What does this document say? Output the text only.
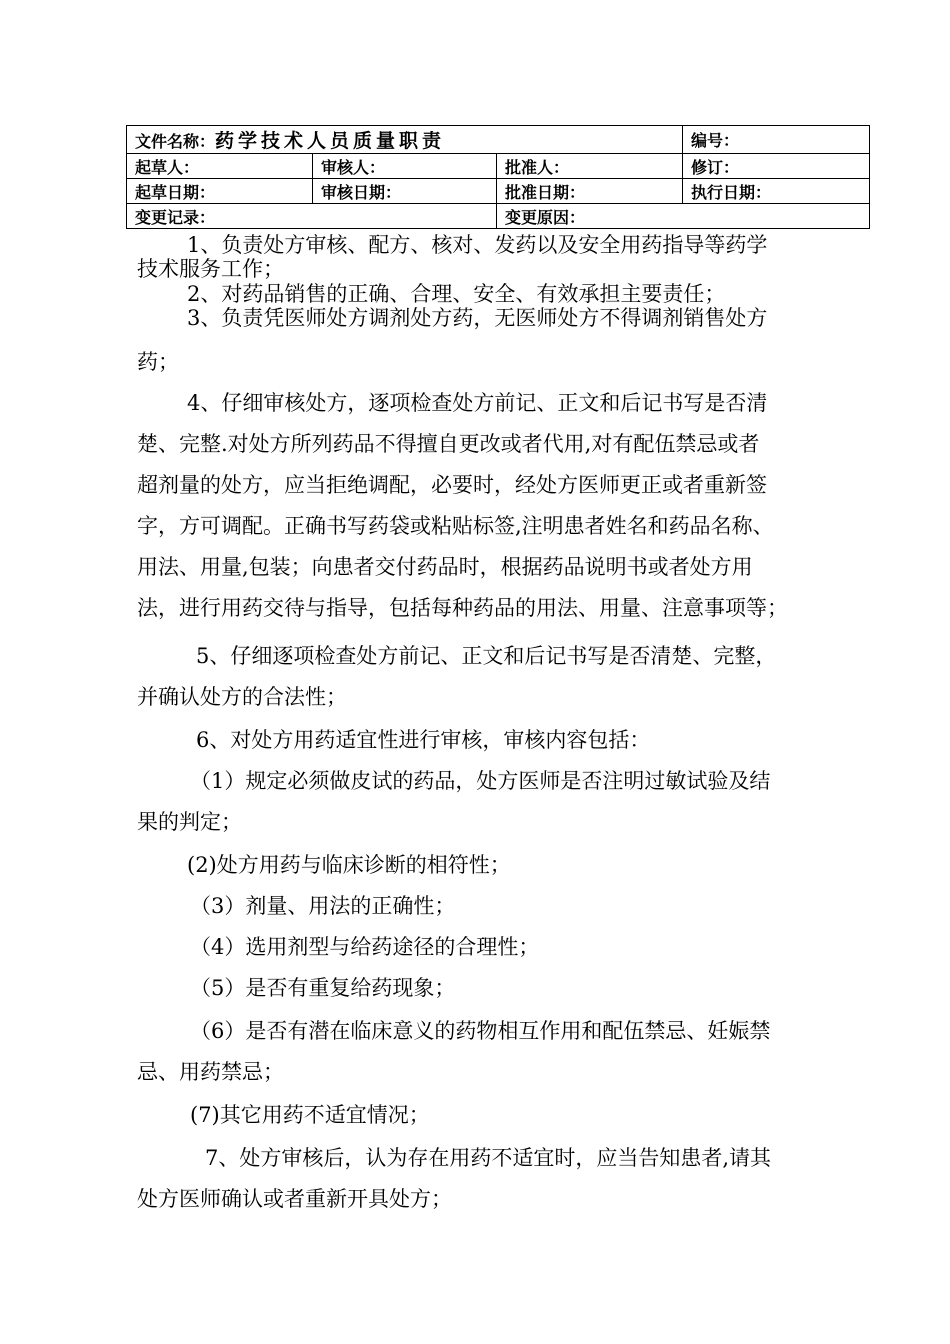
文件名称：药学技术人员质量职责			编号：
起草人：	审核人：	批准人：	修订：
起草日期：	审核日期：	批准日期：	执行日期：
变更记录：		变更原因：	
1、负责处方审核、配方、核对、发药以及安全用药指导等药学
技术服务工作；
2、对药品销售的正确、合理、安全、有效承担主要责任；
3、负责凭医师处方调剂处方药，无医师处方不得调剂销售处方
药；
4、仔细审核处方，逐项检查处方前记、正文和后记书写是否清
楚、完整.对处方所列药品不得擅自更改或者代用,对有配伍禁忌或者
超剂量的处方，应当拒绝调配，必要时，经处方医师更正或者重新签
字，方可调配。正确书写药袋或粘贴标签,注明患者姓名和药品名称、
用法、用量,包装；向患者交付药品时，根据药品说明书或者处方用
法，进行用药交待与指导，包括每种药品的用法、用量、注意事项等；
5、仔细逐项检查处方前记、正文和后记书写是否清楚、完整，
并确认处方的合法性；
6、对处方用药适宜性进行审核，审核内容包括：
（1）规定必须做皮试的药品，处方医师是否注明过敏试验及结
果的判定；
(2)处方用药与临床诊断的相符性；
（3）剂量、用法的正确性；
（4）选用剂型与给药途径的合理性；
（5）是否有重复给药现象；
（6）是否有潜在临床意义的药物相互作用和配伍禁忌、妊娠禁
忌、用药禁忌；
(7)其它用药不适宜情况；
7、处方审核后，认为存在用药不适宜时，应当告知患者,请其
处方医师确认或者重新开具处方；
